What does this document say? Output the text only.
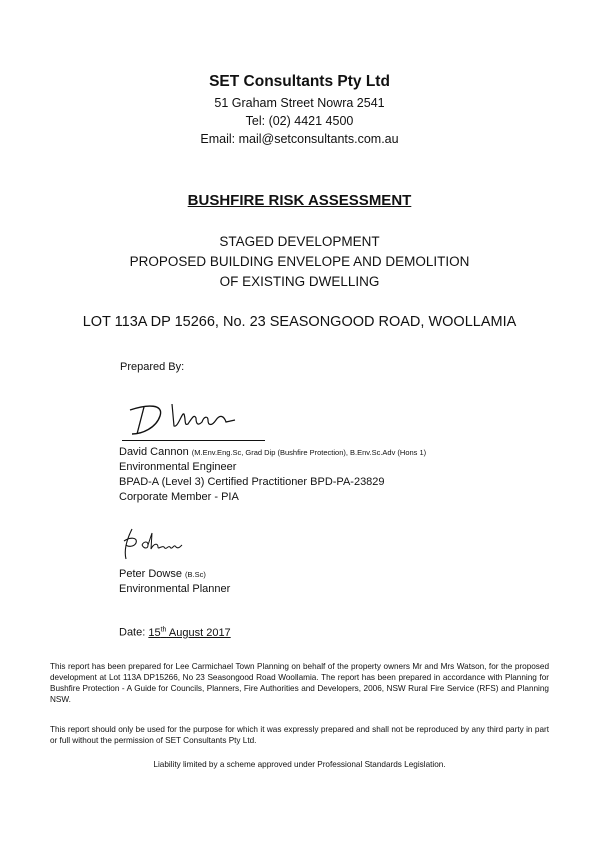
SET Consultants Pty Ltd
51 Graham Street Nowra 2541
Tel: (02) 4421 4500
Email: mail@setconsultants.com.au
BUSHFIRE RISK ASSESSMENT
STAGED DEVELOPMENT
PROPOSED BUILDING ENVELOPE AND DEMOLITION
OF EXISTING DWELLING
LOT 113A DP 15266, No. 23 SEASONGOOD ROAD, WOOLLAMIA
Prepared By:
David Cannon (M.Env.Eng.Sc, Grad Dip (Bushfire Protection), B.Env.Sc.Adv (Hons 1)
Environmental Engineer
BPAD-A (Level 3) Certified Practitioner BPD-PA-23829
Corporate Member - PIA
Peter Dowse (B.Sc)
Environmental Planner
Date: 15th August 2017
This report has been prepared for Lee Carmichael Town Planning on behalf of the property owners Mr and Mrs Watson, for the proposed development at Lot 113A DP15266, No 23 Seasongood Road Woollamia. The report has been prepared in accordance with Planning for Bushfire Protection - A Guide for Councils, Planners, Fire Authorities and Developers, 2006, NSW Rural Fire Service (RFS) and Planning NSW.
This report should only be used for the purpose for which it was expressly prepared and shall not be reproduced by any third party in part or full without the permission of SET Consultants Pty Ltd.
Liability limited by a scheme approved under Professional Standards Legislation.
